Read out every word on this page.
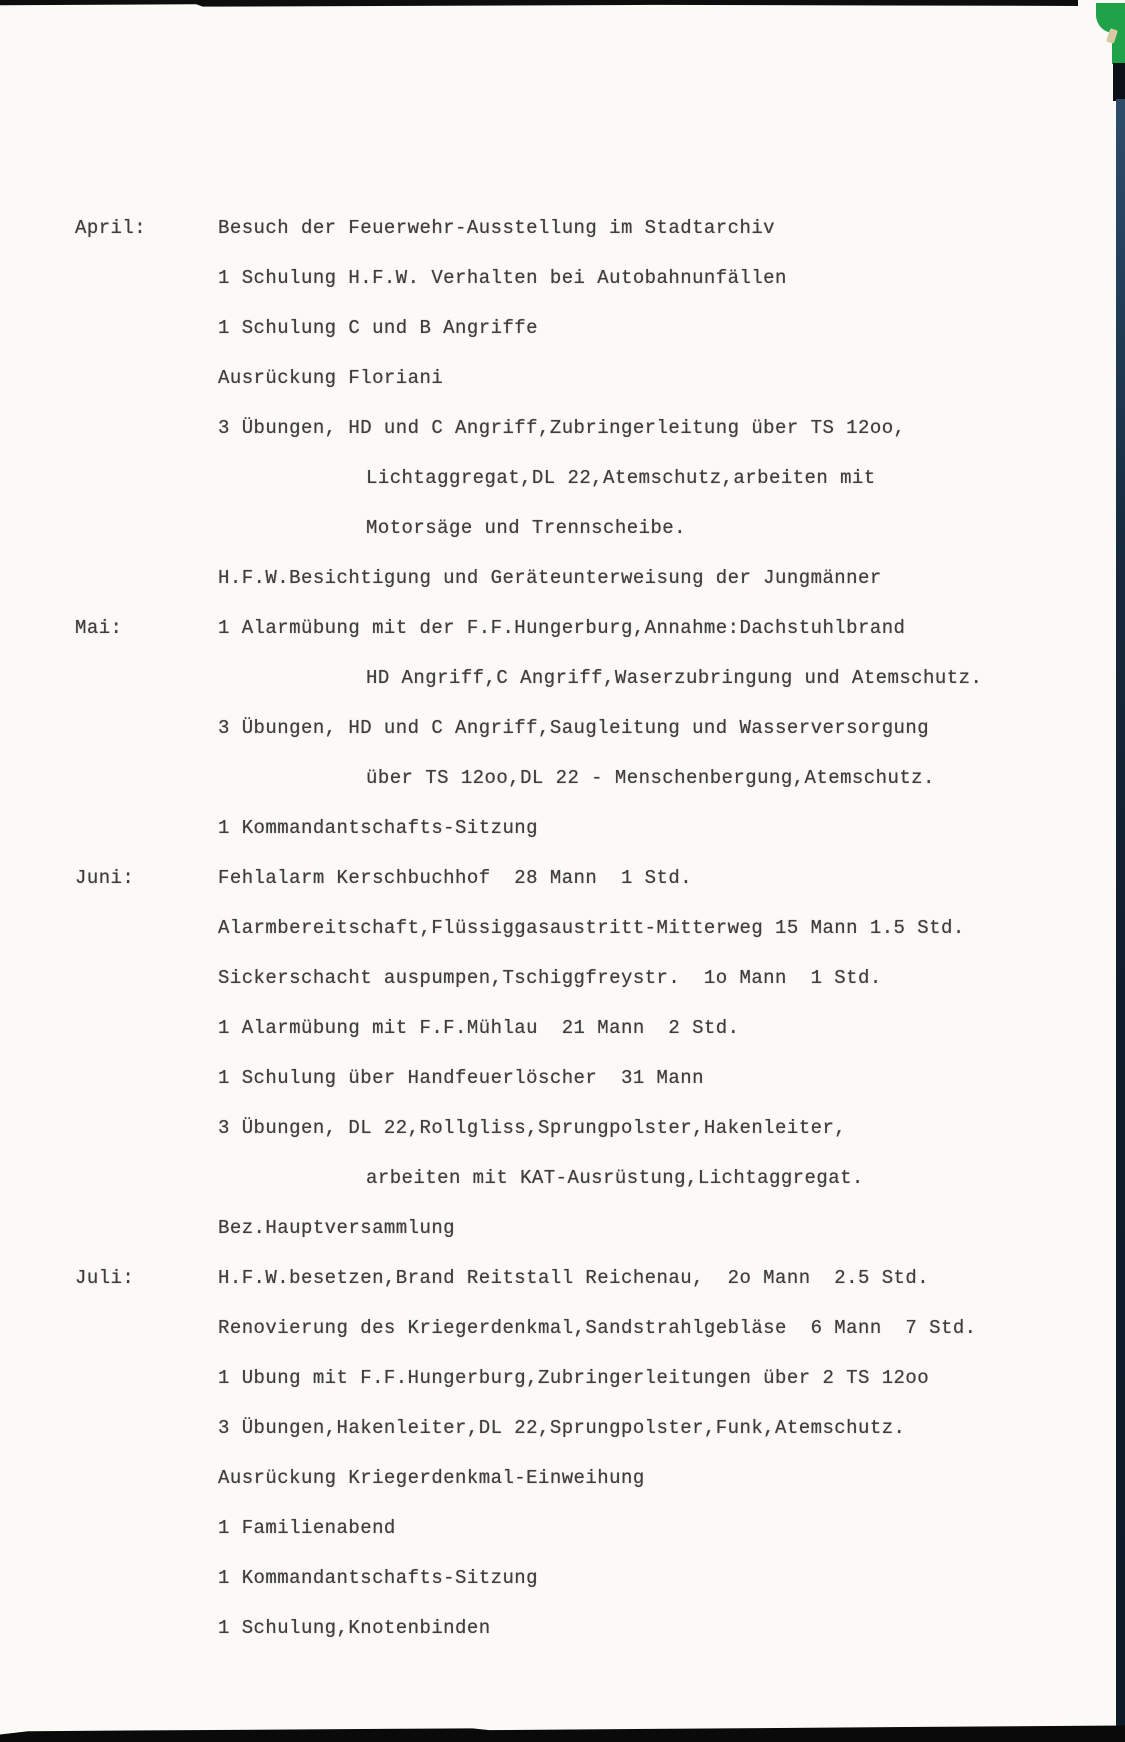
April:	Besuch der Feuerwehr-Ausstellung im Stadtarchiv
1 Schulung H.F.W. Verhalten bei Autobahnunfällen
1 Schulung C und B Angriffe
Ausrückung Floriani
3 Übungen, HD und C Angriff,Zubringerleitung über TS 12oo,
Lichtaggregat,DL 22,Atemschutz,arbeiten mit
Motorsäge und Trennscheibe.
H.F.W.Besichtigung und Geräteunterweisung der Jungmänner
Mai:	1 Alarmübung mit der F.F.Hungerburg,Annahme:Dachstuhlbrand
HD Angriff,C Angriff,Waserzubringung und Atemschutz.
3 Übungen, HD und C Angriff,Saugleitung und Wasserversorgung
über TS 12oo,DL 22 - Menschenbergung,Atemschutz.
1 Kommandantschafts-Sitzung
Juni:	Fehlalarm Kerschbuchhof  28 Mann  1 Std.
Alarmbereitschaft,Flüssiggasaustritt-Mitterweg 15 Mann 1.5 Std.
Sickerschacht auspumpen,Tschiggfreystr.  1o Mann  1 Std.
1 Alarmübung mit F.F.Mühlau  21 Mann  2 Std.
1 Schulung über Handfeuerlöscher  31 Mann
3 Übungen, DL 22,Rollgliss,Sprungpolster,Hakenleiter,
arbeiten mit KAT-Ausrüstung,Lichtaggregat.
Bez.Hauptversammlung
Juli:	H.F.W.besetzen,Brand Reitstall Reichenau,  2o Mann  2.5 Std.
Renovierung des Kriegerdenkmal,Sandstrahlgebläse  6 Mann  7 Std.
1 Ubung mit F.F.Hungerburg,Zubringerleitungen über 2 TS 12oo
3 Übungen,Hakenleiter,DL 22,Sprungpolster,Funk,Atemschutz.
Ausrückung Kriegerdenkmal-Einweihung
1 Familienabend
1 Kommandantschafts-Sitzung
1 Schulung,Knotenbinden
